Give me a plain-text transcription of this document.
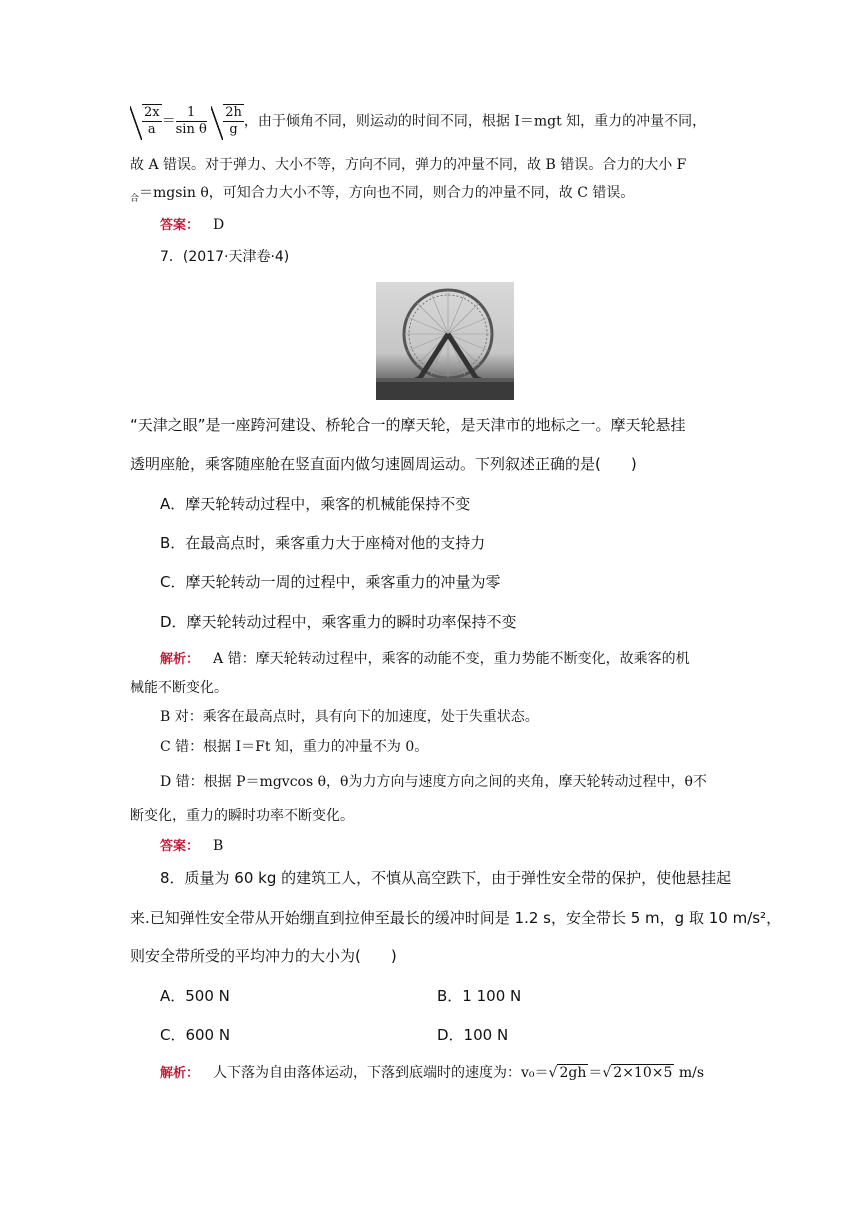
$\frac{2x}{a} = \frac{1}{\text{sin θ}}$
$\frac{2h}{g}$ ，由于倾角不同，则运动的时间不同，根据 I＝mgt 知，重力的冲量不同，
故 A 错误。对于弹力、大小不等，方向不同，弹力的冲量不同，故 B 错误。合力的大小 F
$_合$＝mgsin θ，可知合力大小不等，方向也不同，则合力的冲量不同，故 C 错误。
答案： D
7．(2017·天津卷·4)
“天津之眼”是一座跨河建设、桥轮合一的摩天轮，是天津市的地标之一。摩天轮悬挂
透明座舱，乘客随座舱在竖直面内做匀速圆周运动。下列叙述正确的是(　　)
A．摩天轮转动过程中，乘客的机械能保持不变
B．在最高点时，乘客重力大于座椅对他的支持力
C．摩天轮转动一周的过程中，乘客重力的冲量为零
D．摩天轮转动过程中，乘客重力的瞬时功率保持不变
解析： A 错：摩天轮转动过程中，乘客的动能不变，重力势能不断变化，故乘客的机
械能不断变化。
B 对：乘客在最高点时，具有向下的加速度，处于失重状态。
C 错：根据 I＝Ft 知，重力的冲量不为 0。
D 错：根据 P＝mgvcos θ，θ为力方向与速度方向之间的夹角，摩天轮转动过程中，θ不
断变化，重力的瞬时功率不断变化。
答案： B
8．质量为 60 kg 的建筑工人，不慎从高空跌下，由于弹性安全带的保护，使他悬挂起
来.已知弹性安全带从开始绷直到拉伸至最长的缓冲时间是 1.2 s，安全带长 5 m，g 取 10 m/s²，
则安全带所受的平均冲力的大小为(　　)
A．500 N	B．1 100 N
C．600 N	D．100 N
解析： 人下落为自由落体运动，下落到底端时的速度为：v₀＝√ 2gh ＝√ 2×10×5 m/s
